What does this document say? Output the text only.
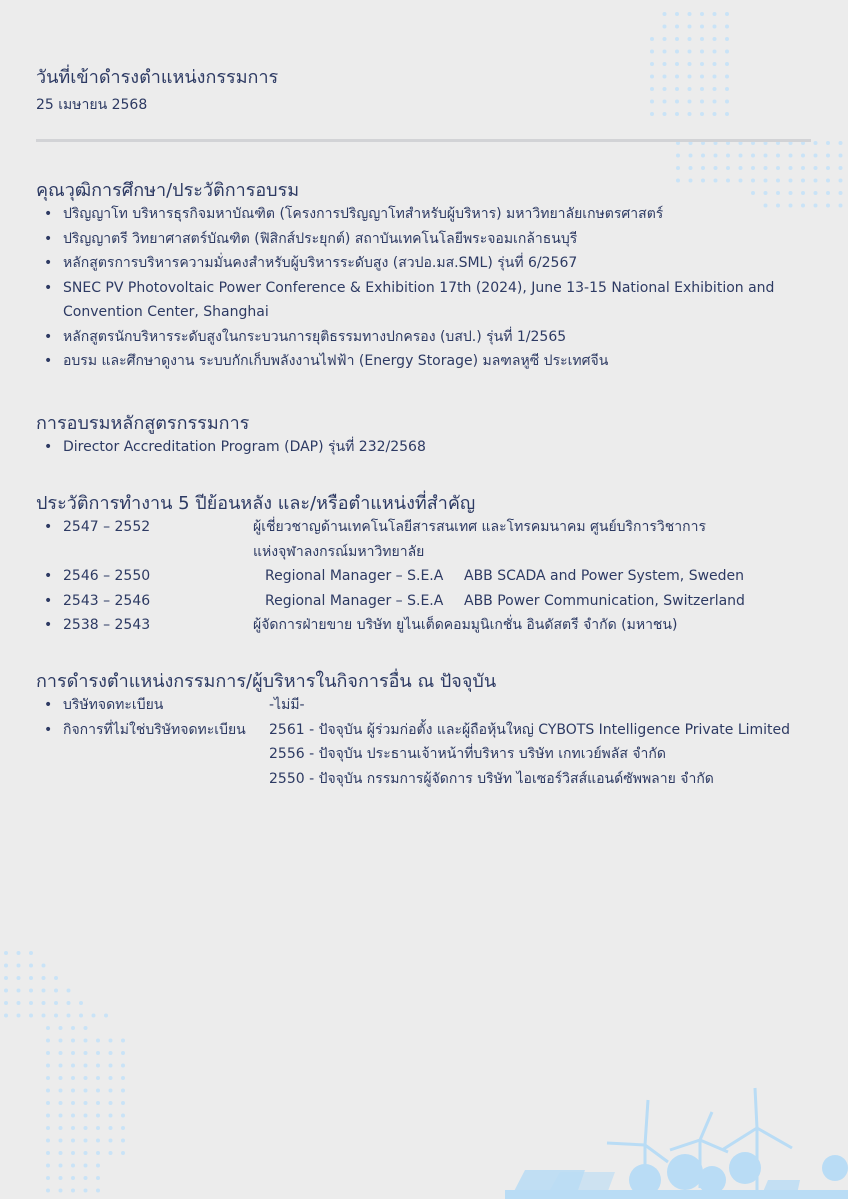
วันที่เข้าดำรงตำแหน่งกรรมการ
25 เมษายน 2568
คุณวุฒิการศึกษา/ประวัติการอบรม
• ปริญญาโท บริหารธุรกิจมหาบัณฑิต (โครงการปริญญาโทสำหรับผู้บริหาร) มหาวิทยาลัยเกษตรศาสตร์
• ปริญญาตรี วิทยาศาสตร์บัณฑิต (ฟิสิกส์ประยุกต์) สถาบันเทคโนโลยีพระจอมเกล้าธนบุรี
• หลักสูตรการบริหารความมั่นคงสำหรับผู้บริหารระดับสูง (สวปอ.มส.SML) รุ่นที่ 6/2567
• SNEC PV Photovoltaic Power Conference & Exhibition 17th (2024), June 13-15 National Exhibition and Convention Center, Shanghai
• หลักสูตรนักบริหารระดับสูงในกระบวนการยุติธรรมทางปกครอง (บสป.) รุ่นที่ 1/2565
• อบรม และศึกษาดูงาน ระบบกักเก็บพลังงานไฟฟ้า (Energy Storage) มลฑลหูซี ประเทศจีน
การอบรมหลักสูตรกรรมการ
• Director Accreditation Program (DAP) รุ่นที่ 232/2568
ประวัติการทำงาน 5 ปีย้อนหลัง และ/หรือตำแหน่งที่สำคัญ
• 2547 – 2552	ผู้เชี่ยวชาญด้านเทคโนโลยีสารสนเทศ และโทรคมนาคม ศูนย์บริการวิชาการ
แห่งจุฬาลงกรณ์มหาวิทยาลัย
• 2546 – 2550	Regional Manager – S.E.A ABB SCADA and Power System, Sweden
• 2543 – 2546	Regional Manager – S.E.A ABB Power Communication, Switzerland
• 2538 – 2543	ผู้จัดการฝ่ายขาย บริษัท ยูไนเต็ดคอมมูนิเกชั่น อินดัสตรี จำกัด (มหาชน)
การดำรงตำแหน่งกรรมการ/ผู้บริหารในกิจการอื่น ณ ปัจจุบัน
• บริษัทจดทะเบียน	-ไม่มี-
• กิจการที่ไม่ใช่บริษัทจดทะเบียน	2561 - ปัจจุบัน ผู้ร่วมก่อตั้ง และผู้ถือหุ้นใหญ่ CYBOTS Intelligence Private Limited
2556 - ปัจจุบัน ประธานเจ้าหน้าที่บริหาร บริษัท เกทเวย์พลัส จำกัด
2550 - ปัจจุบัน กรรมการผู้จัดการ บริษัท ไอเซอร์วิสส์แอนด์ซัพพลาย จำกัด
